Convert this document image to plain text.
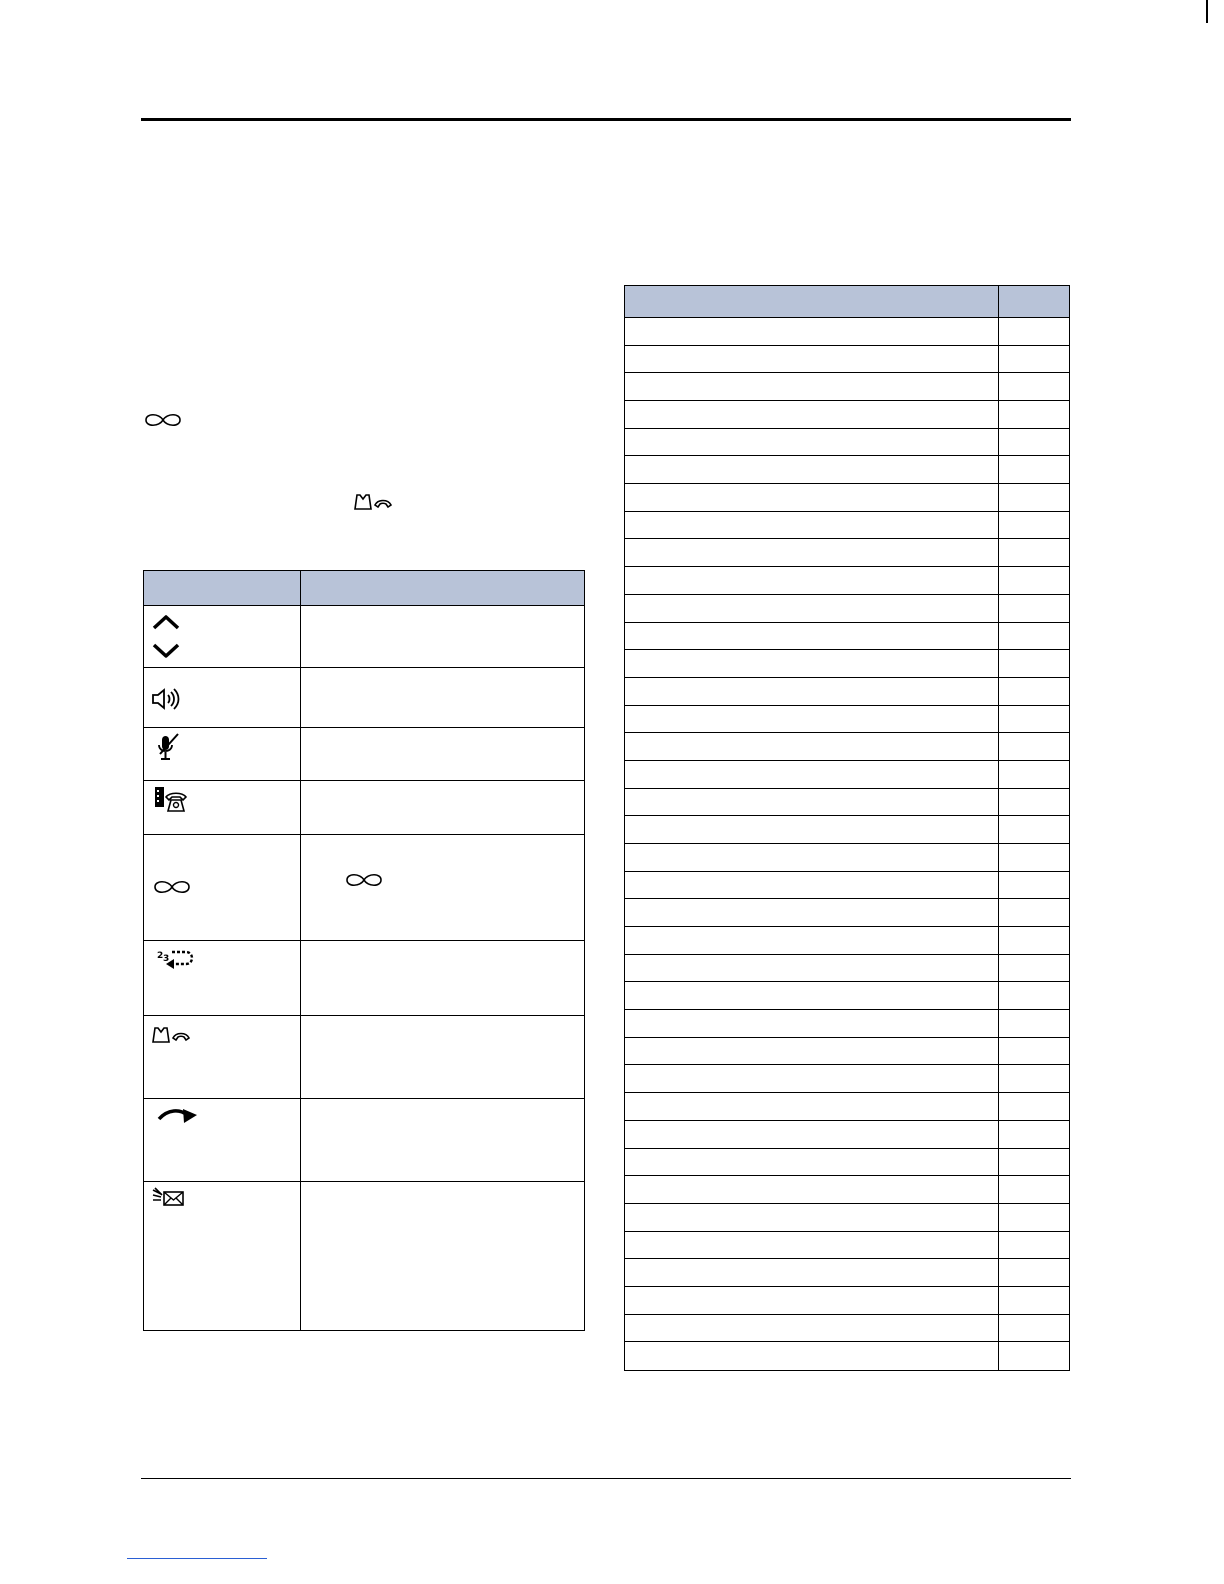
2 3
